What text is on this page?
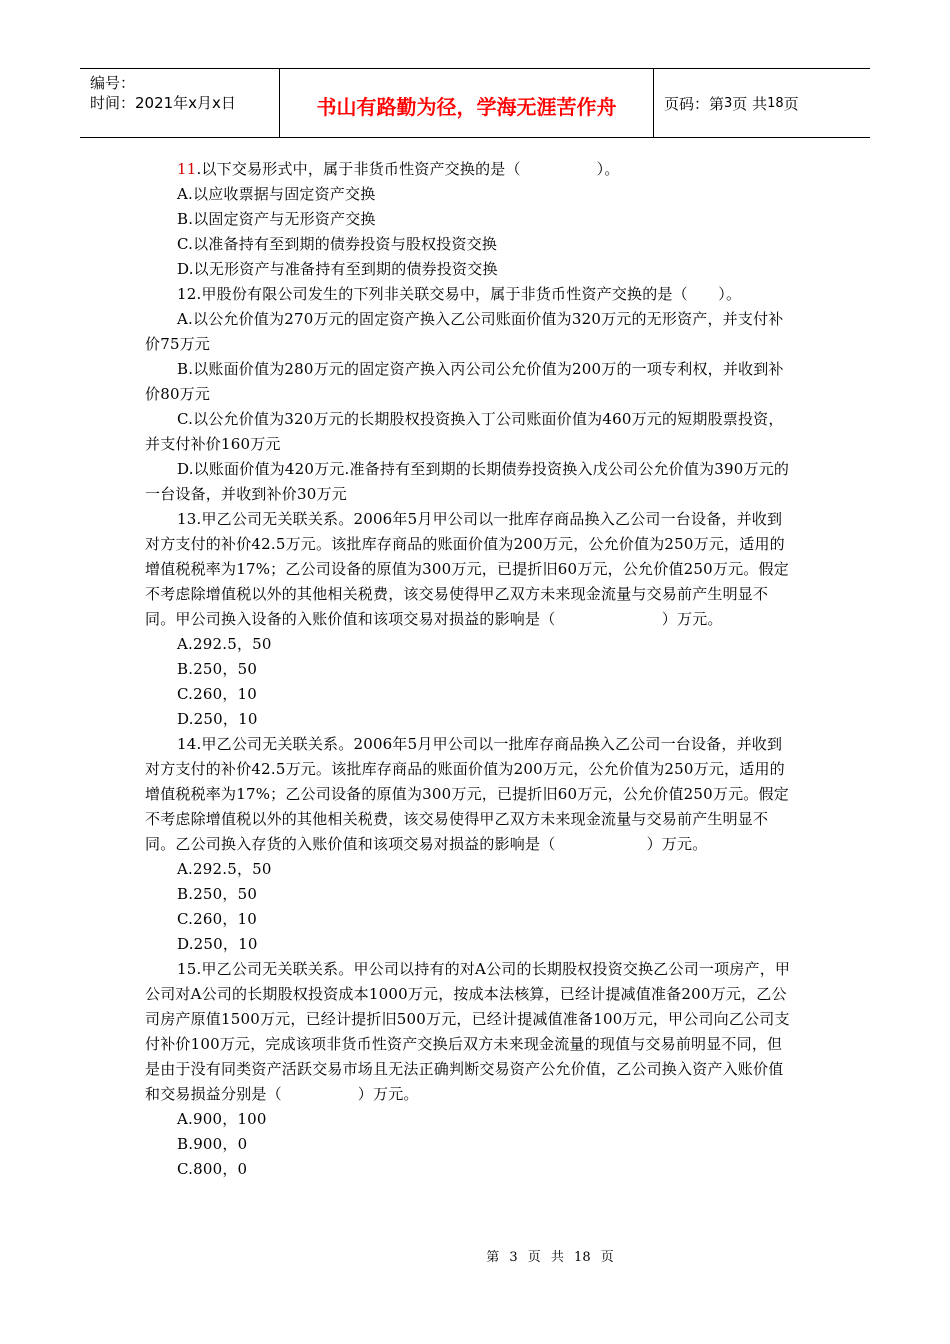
编号：
时间：2021年x月x日	书山有路勤为径，学海无涯苦作舟	页码：第 3 页 共 18 页

11.以下交易形式中，属于非货币性资产交换的是（　　　　　）。

A.以应收票据与固定资产交换

B.以固定资产与无形资产交换

C.以准备持有至到期的债券投资与股权投资交换

D.以无形资产与准备持有至到期的债券投资交换

12.甲股份有限公司发生的下列非关联交易中，属于非货币性资产交换的是（　　）。

A.以公允价值为270万元的固定资产换入乙公司账面价值为320万元的无形资产，并支付补价75万元

B.以账面价值为280万元的固定资产换入丙公司公允价值为200万的一项专利权，并收到补价80万元

C.以公允价值为320万元的长期股权投资换入丁公司账面价值为460万元的短期股票投资，并支付补价160万元

D.以账面价值为420万元.准备持有至到期的长期债券投资换入戊公司公允价值为390万元的一台设备，并收到补价30万元

13.甲乙公司无关联关系。2006年5月甲公司以一批库存商品换入乙公司一台设备，并收到对方支付的补价42.5万元。该批库存商品的账面价值为200万元，公允价值为250万元，适用的增值税税率为17%；乙公司设备的原值为300万元，已提折旧60万元，公允价值250万元。假定不考虑除增值税以外的其他相关税费，该交易使得甲乙双方未来现金流量与交易前产生明显不同。甲公司换入设备的入账价值和该项交易对损益的影响是（　　　　　　　）万元。

A.292.5，50

B.250，50

C.260，10

D.250，10

14.甲乙公司无关联关系。2006年5月甲公司以一批库存商品换入乙公司一台设备，并收到对方支付的补价42.5万元。该批库存商品的账面价值为200万元，公允价值为250万元，适用的增值税税率为17%；乙公司设备的原值为300万元，已提折旧60万元，公允价值250万元。假定不考虑除增值税以外的其他相关税费，该交易使得甲乙双方未来现金流量与交易前产生明显不同。乙公司换入存货的入账价值和该项交易对损益的影响是（　　　　　　）万元。

A.292.5，50

B.250，50

C.260，10

D.250，10

15.甲乙公司无关联关系。甲公司以持有的对A公司的长期股权投资交换乙公司一项房产，甲公司对A公司的长期股权投资成本1000万元，按成本法核算，已经计提减值准备200万元，乙公司房产原值1500万元，已经计提折旧500万元，已经计提减值准备100万元，甲公司向乙公司支付补价100万元，完成该项非货币性资产交换后双方未来现金流量的现值与交易前明显不同，但是由于没有同类资产活跃交易市场且无法正确判断交易资产公允价值，乙公司换入资产入账价值和交易损益分别是（　　　　　）万元。

A.900，100

B.900，0

C.800，0

第 3 页 共 18 页
